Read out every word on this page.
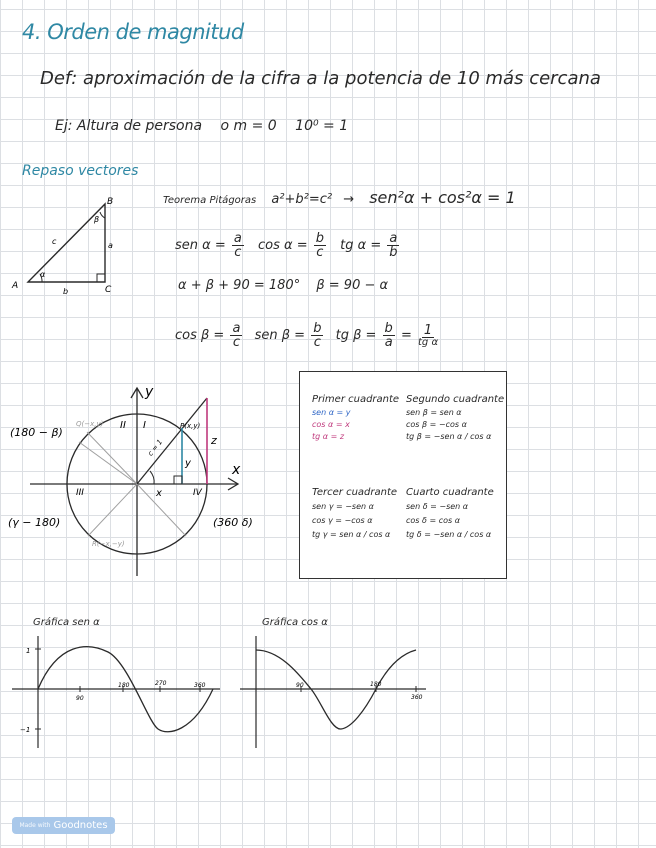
4. Orden de magnitud
Def: aproximación de la cifra a la potencia de 10 más cercana
Ej: Altura de persona o m = 0 10⁰ = 1
Repaso vectores
A
B
C
a
b
c
α
β
Teorema Pitágoras a²+b²=c² → sen²α + cos²α = 1
sen $\alpha = \frac{a}{c}$ $\cos \alpha = \frac{b}{c}$ tg $\alpha = \frac{a}{b}$
α + β + 90 = 180° β = 90 − α
$\cos \beta = \frac{a}{c}$ sen $\beta = \frac{b}{c}$ tg $\beta = \frac{b}{a} = \frac{1}{\text{tg α}}$
y
x
I
II
III	IV
P(x,y)
Q(−x,y)
R(−x,−y)
z
y
x
c = 1
(180 − β)
(γ − 180)	(360 δ)
Primer cuadrante
sen α = y
cos α = x
tg α = z
Segundo cuadrante
sen β = sen α
cos β = −cos α
tg β = −sen α / cos α
Tercer cuadrante
sen γ = −sen α
cos γ = −cos α
tg γ = sen α / cos α
Cuarto cuadrante
sen δ = −sen α
cos δ = cos α
tg δ = −sen α / cos α
Gráfica sen α
1
−1
90
180	270	360
Gráfica cos α
90	180
360
Made with Goodnotes
